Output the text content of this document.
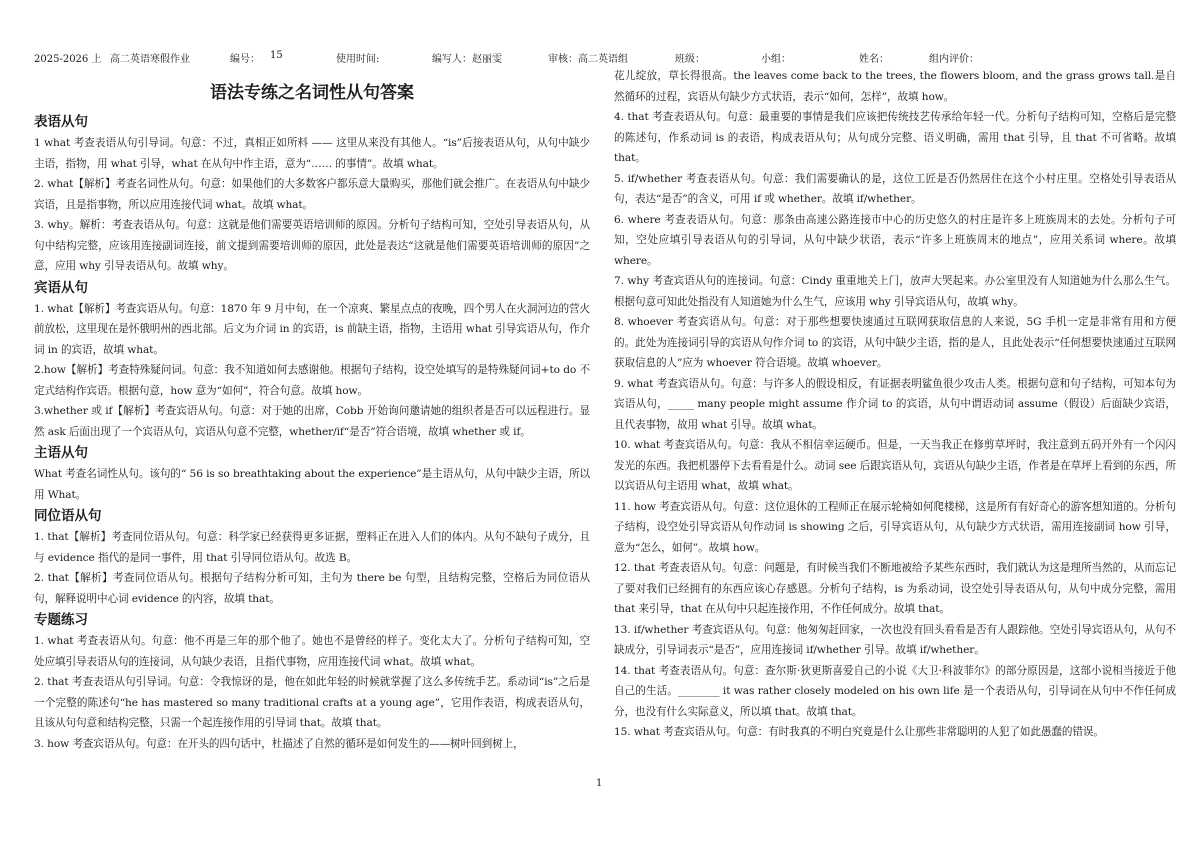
2025-2026 上 高二英语寒假作业	编号： 15	使用时间:	编写人：赵丽雯	审核：高二英语组	班级：	小组：	姓名：	组内评价：
语法专练之名词性从句答案
表语从句
1 what 考查表语从句引导词。句意：不过，真相正如所料 —— 这里从来没有其他人。“is”后接表语从句，从句中缺少主语，指物，用 what 引导，what 在从句中作主语，意为“…… 的事情”。故填 what。
2. what【解析】考查名词性从句。句意：如果他们的大多数客户都乐意大量购买，那他们就会推广。在表语从句中缺少宾语，且是指事物，所以应用连接代词 what。故填 what。
3. why。解析：考查表语从句。句意：这就是他们需要英语培训师的原因。分析句子结构可知，空处引导表语从句，从句中结构完整，应该用连接副词连接，前文提到需要培训师的原因，此处是表达“这就是他们需要英语培训师的原因”之意，应用 why 引导表语从句。故填 why。
宾语从句
1. what【解析】考查宾语从句。句意：1870 年 9 月中旬，在一个凉爽、繁星点点的夜晚，四个男人在火洞河边的营火前放松，这里现在是怀俄明州的西北部。后文为介词 in 的宾语，is 前缺主语，指物，主语用 what 引导宾语从句，作介词 in 的宾语，故填 what。
2.how【解析】考查特殊疑问词。句意：我不知道如何去感谢他。根据句子结构，设空处填写的是特殊疑问词+to do 不定式结构作宾语。根据句意，how 意为“如何”，符合句意。故填 how。
3.whether 或 if【解析】考查宾语从句。句意：对于她的出席，Cobb 开始询问邀请她的组织者是否可以远程进行。显然 ask 后面出现了一个宾语从句，宾语从句意不完整，whether/if“是否”符合语境，故填 whether 或 if。
主语从句
What 考查名词性从句。该句的“ 56 is so breathtaking about the experience”是主语从句，从句中缺少主语，所以用 What。
同位语从句
1. that【解析】考查同位语从句。句意：科学家已经获得更多证据，塑料正在进入人们的体内。从句不缺句子成分，且与 evidence 指代的是同一事件，用 that 引导同位语从句。故选 B。
2. that【解析】考查同位语从句。根据句子结构分析可知，主句为 there be 句型，且结构完整，空格后为同位语从句，解释说明中心词 evidence 的内容，故填 that。
专题练习
1. what 考查表语从句。句意：他不再是三年的那个他了。她也不是曾经的样子。变化太大了。分析句子结构可知，空处应填引导表语从句的连接词，从句缺少表语，且指代事物，应用连接代词 what。故填 what。
2. that 考查表语从句引导词。句意：令我惊讶的是，他在如此年轻的时候就掌握了这么多传统手艺。系动词“is”之后是一个完整的陈述句“he has mastered so many traditional crafts at a young age”，它用作表语，构成表语从句，且该从句句意和结构完整，只需一个起连接作用的引导词 that。故填 that。
3. how 考查宾语从句。句意：在开头的四句话中，杜描述了自然的循环是如何发生的——树叶回到树上，
花儿绽放，草长得很高。the leaves come back to the trees, the flowers bloom, and the grass grows tall.是自然循环的过程，宾语从句缺少方式状语，表示“如何，怎样”，故填 how。
4. that 考查表语从句。句意：最重要的事情是我们应该把传统技艺传承给年轻一代。分析句子结构可知，空格后是完整的陈述句，作系动词 is 的表语，构成表语从句；从句成分完整、语义明确，需用 that 引导，且 that 不可省略。故填 that。
5. if/whether 考查表语从句。句意：我们需要确认的是，这位工匠是否仍然居住在这个小村庄里。空格处引导表语从句，表达“是否”的含义，可用 if 或 whether。故填 if/whether。
6. where 考查表语从句。句意：那条由高速公路连接市中心的历史悠久的村庄是许多上班族周末的去处。分析句子可知，空处应填引导表语从句的引导词，从句中缺少状语，表示“许多上班族周末的地点”，应用关系词 where。故填 where。
7. why 考查宾语从句的连接词。句意：Cindy 重重地关上门，放声大哭起来。办公室里没有人知道她为什么那么生气。根据句意可知此处指没有人知道她为什么生气，应该用 why 引导宾语从句，故填 why。
8. whoever 考查宾语从句。句意：对于那些想要快速通过互联网获取信息的人来说，5G 手机一定是非常有用和方便的。此处为连接词引导的宾语从句作介词 to 的宾语，从句中缺少主语，指的是人，且此处表示“任何想要快速通过互联网获取信息的人”应为 whoever 符合语境。故填 whoever。
9. what 考查宾语从句。句意：与许多人的假设相反，有证据表明鲨鱼很少攻击人类。根据句意和句子结构，可知本句为宾语从句，_____ many people might assume 作介词 to 的宾语，从句中谓语动词 assume（假设）后面缺少宾语，且代表事物，故用 what 引导。故填 what。
10. what 考查宾语从句。句意：我从不相信幸运硬币。但是，一天当我正在修剪草坪时，我注意到五码开外有一个闪闪发光的东西。我把机器停下去看看是什么。动词 see 后跟宾语从句，宾语从句缺少主语，作者是在草坪上看到的东西，所以宾语从句主语用 what，故填 what。
11. how 考查宾语从句。句意：这位退休的工程师正在展示轮椅如何爬楼梯，这是所有有好奇心的游客想知道的。分析句子结构，设空处引导宾语从句作动词 is showing 之后，引导宾语从句，从句缺少方式状语，需用连接副词 how 引导，意为“怎么，如何”。故填 how。
12. that 考查表语从句。句意：问题是，有时候当我们不断地被给予某些东西时，我们就认为这是理所当然的，从而忘记了要对我们已经拥有的东西应该心存感恩。分析句子结构，is 为系动词，设空处引导表语从句，从句中成分完整，需用 that 来引导，that 在从句中只起连接作用，不作任何成分。故填 that。
13. if/whether 考查宾语从句。句意：他匆匆赶回家，一次也没有回头看看是否有人跟踪他。空处引导宾语从句，从句不缺成分，引导词表示“是否”，应用连接词 if/whether 引导。故填 if/whether。
14. that 考查表语从句。句意：查尔斯·狄更斯喜爱自己的小说《大卫·科波菲尔》的部分原因是，这部小说相当接近于他自己的生活。________ it was rather closely modeled on his own life 是一个表语从句，引导词在从句中不作任何成分，也没有什么实际意义，所以填 that。故填 that。
15. what 考查宾语从句。句意：有时我真的不明白究竟是什么让那些非常聪明的人犯了如此愚蠢的错误。
1
